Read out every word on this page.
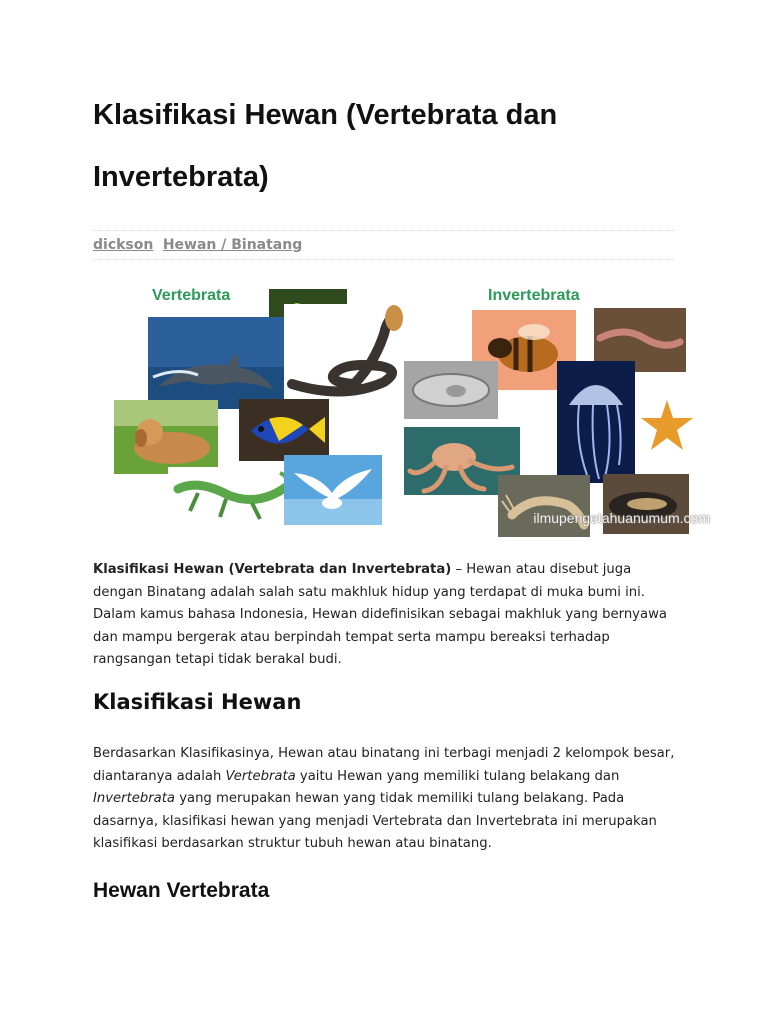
Klasifikasi Hewan (Vertebrata dan Invertebrata)
dickson Hewan / Binatang
Vertebrata	Invertebrata
ilmupengetahuanumum.com

Klasifikasi Hewan (Vertebrata dan Invertebrata) – Hewan atau disebut juga dengan Binatang adalah salah satu makhluk hidup yang terdapat di muka bumi ini. Dalam kamus bahasa Indonesia, Hewan didefinisikan sebagai makhluk yang bernyawa dan mampu bergerak atau berpindah tempat serta mampu bereaksi terhadap rangsangan tetapi tidak berakal budi.

Klasifikasi Hewan

Berdasarkan Klasifikasinya, Hewan atau binatang ini terbagi menjadi 2 kelompok besar, diantaranya adalah Vertebrata yaitu Hewan yang memiliki tulang belakang dan Invertebrata yang merupakan hewan yang tidak memiliki tulang belakang. Pada dasarnya, klasifikasi hewan yang menjadi Vertebrata dan Invertebrata ini merupakan klasifikasi berdasarkan struktur tubuh hewan atau binatang.

Hewan Vertebrata
